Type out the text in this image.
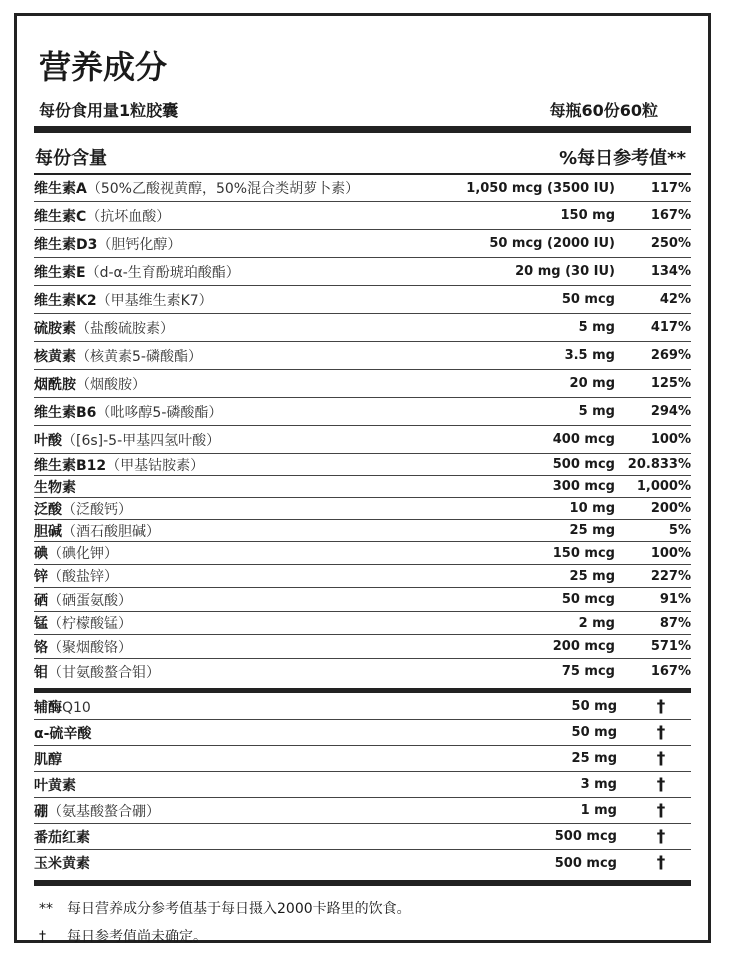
营养成分
每份食用量1粒胶囊	每瓶60份60粒
每份含量	%每日参考值**
维生素A（50%乙酸视黄醇，50%混合类胡萝卜素）	1,050 mcg (3500 IU)	117%
维生素C（抗坏血酸）	150 mg	167%
维生素D3（胆钙化醇）	50 mcg (2000 IU)	250%
维生素E（d-α-生育酚琥珀酸酯）	20 mg (30 IU)	134%
维生素K2（甲基维生素K7）	50 mcg	42%
硫胺素（盐酸硫胺素）	5 mg	417%
核黄素（核黄素5-磷酸酯）	3.5 mg	269%
烟酰胺（烟酸胺）	20 mg	125%
维生素B6（吡哆醇5-磷酸酯）	5 mg	294%
叶酸（[6s]-5-甲基四氢叶酸）	400 mcg	100%
维生素B12（甲基钴胺素）	500 mcg 20.833%
生物素	300 mcg	1,000%
泛酸（泛酸钙）	10 mg	200%
胆碱（酒石酸胆碱）	25 mg	5%
碘（碘化钾）	150 mcg	100%
锌（酸盐锌）	25 mg	227%
硒（硒蛋氨酸）	50 mcg	91%
锰（柠檬酸锰）	2 mg	87%
铬（聚烟酸铬）	200 mcg	571%
钼（甘氨酸螯合钼）	75 mcg	167%
辅酶Q10	50 mg	†
α-硫辛酸	50 mg	†
肌醇	25 mg	†
叶黄素	3 mg	†
硼（氨基酸螯合硼）	1 mg	†
番茄红素	500 mcg	†
玉米黄素	500 mcg	†
** 每日营养成分参考值基于每日摄入2000卡路里的饮食。
† 每日参考值尚未确定。
